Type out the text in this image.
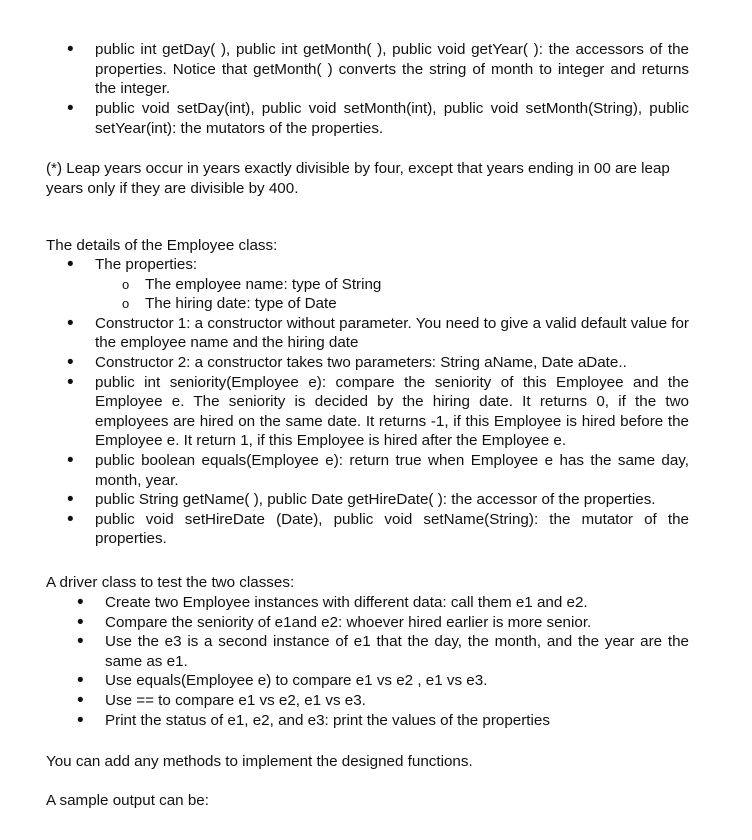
• public int getDay( ), public int getMonth( ), public void getYear( ): the accessors of the properties. Notice that getMonth( ) converts the string of month to integer and returns the integer.
• public void setDay(int), public void setMonth(int), public void setMonth(String), public setYear(int): the mutators of the properties.

(*) Leap years occur in years exactly divisible by four, except that years ending in 00 are leap years only if they are divisible by 400.

The details of the Employee class:

• The properties:
o The employee name: type of String
o The hiring date: type of Date
• Constructor 1: a constructor without parameter. You need to give a valid default value for the employee name and the hiring date
• Constructor 2: a constructor takes two parameters: String aName, Date aDate..
• public int seniority(Employee e): compare the seniority of this Employee and the Employee e. The seniority is decided by the hiring date. It returns 0, if the two employees are hired on the same date. It returns -1, if this Employee is hired before the Employee e. It return 1, if this Employee is hired after the Employee e.
• public boolean equals(Employee e): return true when Employee e has the same day, month, year.
• public String getName( ), public Date getHireDate( ): the accessor of the properties.
• public void setHireDate (Date), public void setName(String): the mutator of the properties.

A driver class to test the two classes:

• Create two Employee instances with different data: call them e1 and e2.
• Compare the seniority of e1and e2: whoever hired earlier is more senior.
• Use the e3 is a second instance of e1 that the day, the month, and the year are the same as e1.
• Use equals(Employee e) to compare e1 vs e2 , e1 vs e3.
• Use == to compare e1 vs e2, e1 vs e3.
• Print the status of e1, e2, and e3: print the values of the properties

You can add any methods to implement the designed functions.

A sample output can be:
